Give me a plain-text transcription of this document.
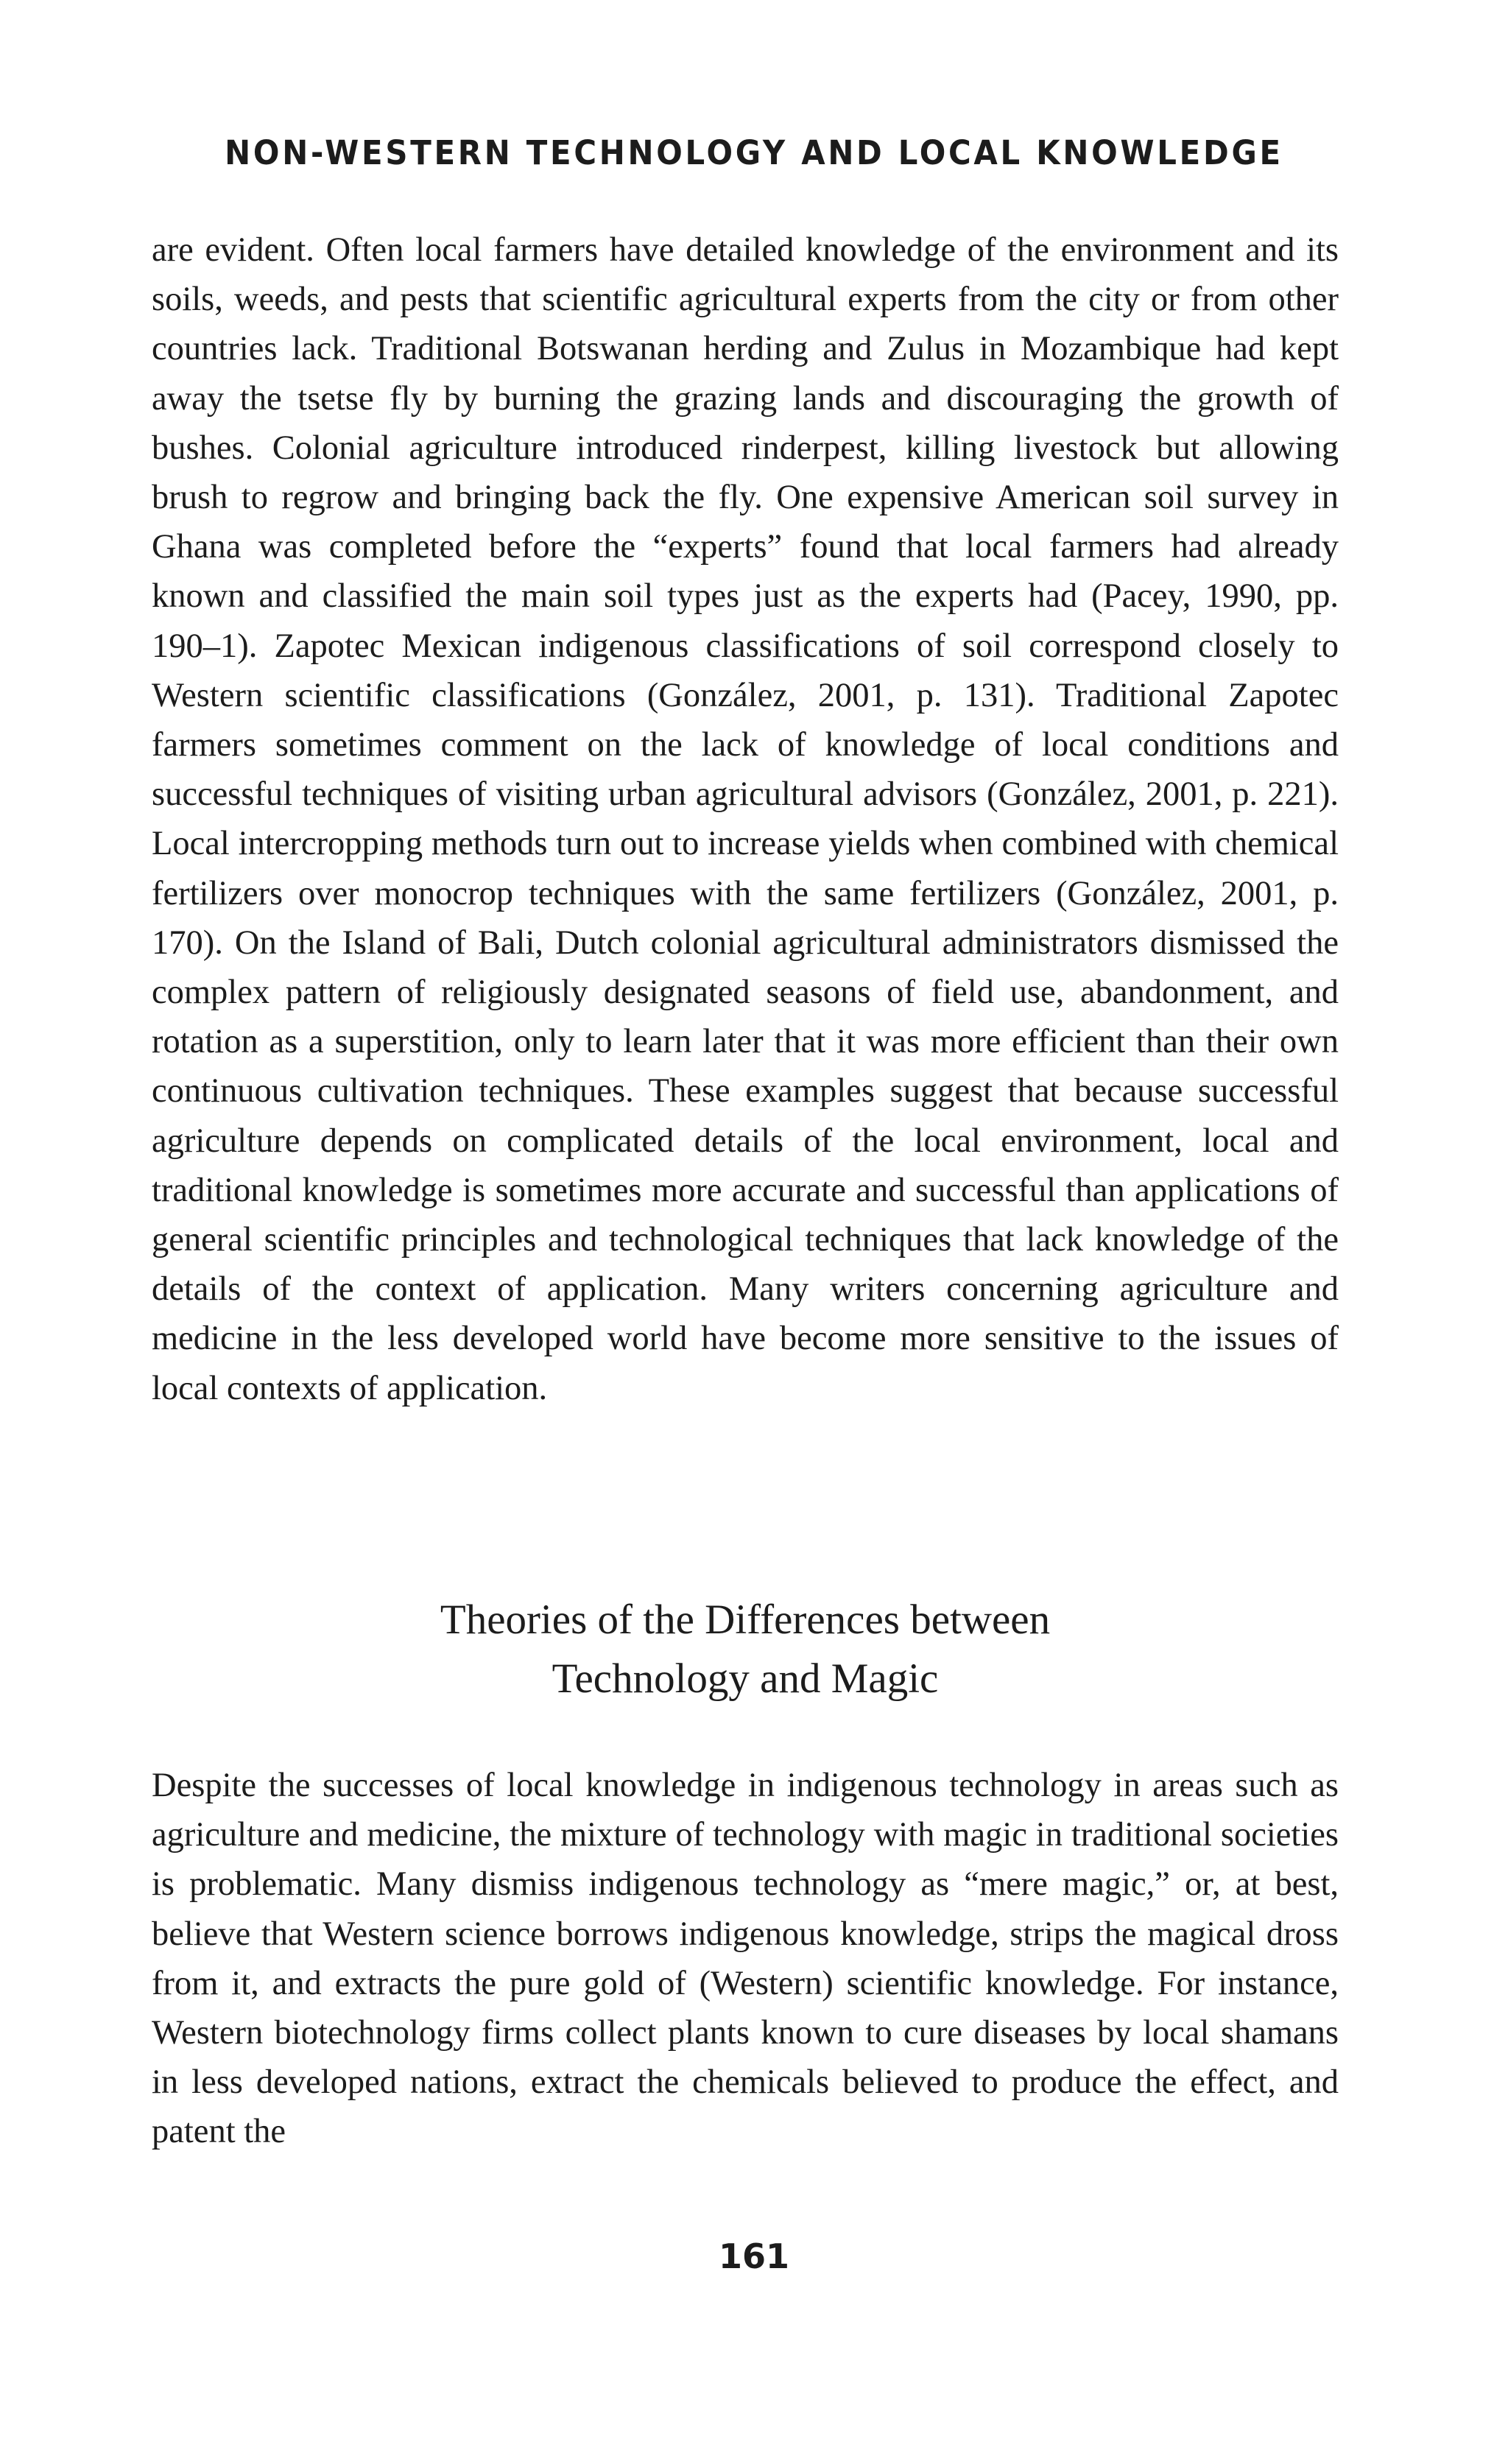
NON-WESTERN TECHNOLOGY AND LOCAL KNOWLEDGE

are evident. Often local farmers have detailed knowledge of the environment and its soils, weeds, and pests that scientific agricultural experts from the city or from other countries lack. Traditional Botswanan herding and Zulus in Mozambique had kept away the tsetse fly by burning the grazing lands and discouraging the growth of bushes. Colonial agriculture introduced rinderpest, killing livestock but allowing brush to regrow and bringing back the fly. One expensive American soil survey in Ghana was completed before the “experts” found that local farmers had already known and classified the main soil types just as the experts had (Pacey, 1990, pp. 190–1). Zapotec Mexican indigenous classifications of soil correspond closely to Western scientific classifications (González, 2001, p. 131). Traditional Zapotec farmers sometimes comment on the lack of knowledge of local conditions and successful techniques of visiting urban agricultural advisors (González, 2001, p. 221). Local intercropping methods turn out to increase yields when combined with chemical fertilizers over monocrop techniques with the same fertilizers (González, 2001, p. 170). On the Island of Bali, Dutch colonial agricultural administrators dismissed the complex pattern of religiously designated seasons of field use, abandonment, and rotation as a superstition, only to learn later that it was more efficient than their own continuous cultivation techniques. These examples suggest that because successful agriculture depends on complicated details of the local environment, local and traditional knowledge is sometimes more accurate and successful than applications of general scientific principles and technological techniques that lack knowledge of the details of the context of application. Many writers concerning agriculture and medicine in the less developed world have become more sensitive to the issues of local contexts of application.

Theories of the Differences between
Technology and Magic

Despite the successes of local knowledge in indigenous technology in areas such as agriculture and medicine, the mixture of technology with magic in traditional societies is problematic. Many dismiss indigenous technology as “mere magic,” or, at best, believe that Western science borrows indigenous knowledge, strips the magical dross from it, and extracts the pure gold of (Western) scientific knowledge. For instance, Western biotechnology firms collect plants known to cure diseases by local shamans in less developed nations, extract the chemicals believed to produce the effect, and patent the

161
